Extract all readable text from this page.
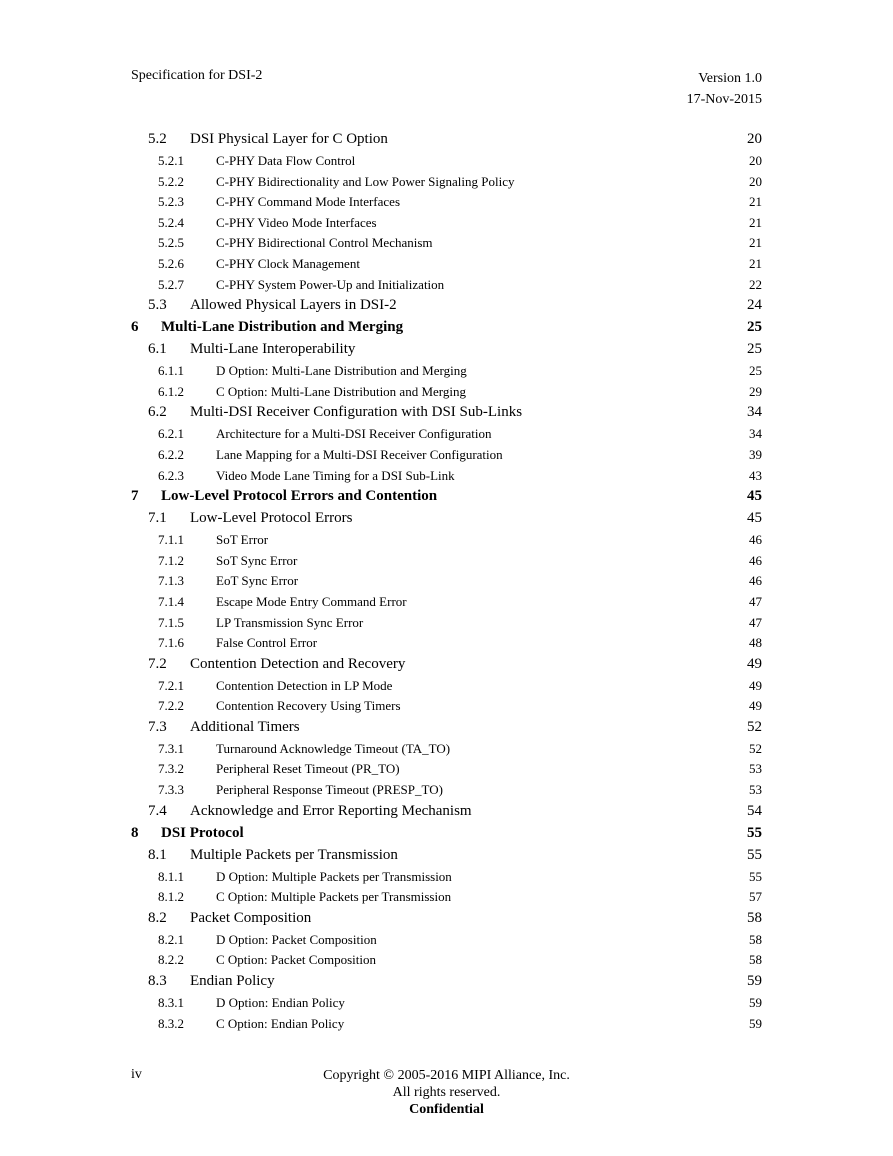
Specification for DSI-2	Version 1.0
17-Nov-2015
5.2 DSI Physical Layer for C Option	20
5.2.1 C-PHY Data Flow Control	20
5.2.2 C-PHY Bidirectionality and Low Power Signaling Policy	20
5.2.3 C-PHY Command Mode Interfaces	21
5.2.4 C-PHY Video Mode Interfaces	21
5.2.5 C-PHY Bidirectional Control Mechanism	21
5.2.6 C-PHY Clock Management	21
5.2.7 C-PHY System Power-Up and Initialization	22
5.3 Allowed Physical Layers in DSI-2	24
6 Multi-Lane Distribution and Merging	25
6.1 Multi-Lane Interoperability	25
6.1.1 D Option: Multi-Lane Distribution and Merging	25
6.1.2 C Option: Multi-Lane Distribution and Merging	29
6.2 Multi-DSI Receiver Configuration with DSI Sub-Links	34
6.2.1 Architecture for a Multi-DSI Receiver Configuration	34
6.2.2 Lane Mapping for a Multi-DSI Receiver Configuration	39
6.2.3 Video Mode Lane Timing for a DSI Sub-Link	43
7 Low-Level Protocol Errors and Contention	45
7.1 Low-Level Protocol Errors	45
7.1.1 SoT Error	46
7.1.2 SoT Sync Error	46
7.1.3 EoT Sync Error	46
7.1.4 Escape Mode Entry Command Error	47
7.1.5 LP Transmission Sync Error	47
7.1.6 False Control Error	48
7.2 Contention Detection and Recovery	49
7.2.1 Contention Detection in LP Mode	49
7.2.2 Contention Recovery Using Timers	49
7.3 Additional Timers	52
7.3.1 Turnaround Acknowledge Timeout (TA_TO)	52
7.3.2 Peripheral Reset Timeout (PR_TO)	53
7.3.3 Peripheral Response Timeout (PRESP_TO)	53
7.4 Acknowledge and Error Reporting Mechanism	54
8 DSI Protocol	55
8.1 Multiple Packets per Transmission	55
8.1.1 D Option: Multiple Packets per Transmission	55
8.1.2 C Option: Multiple Packets per Transmission	57
8.2 Packet Composition	58
8.2.1 D Option: Packet Composition	58
8.2.2 C Option: Packet Composition	58
8.3 Endian Policy	59
8.3.1 D Option: Endian Policy	59
8.3.2 C Option: Endian Policy	59
iv	Copyright © 2005-2016 MIPI Alliance, Inc.
All rights reserved.
Confidential
